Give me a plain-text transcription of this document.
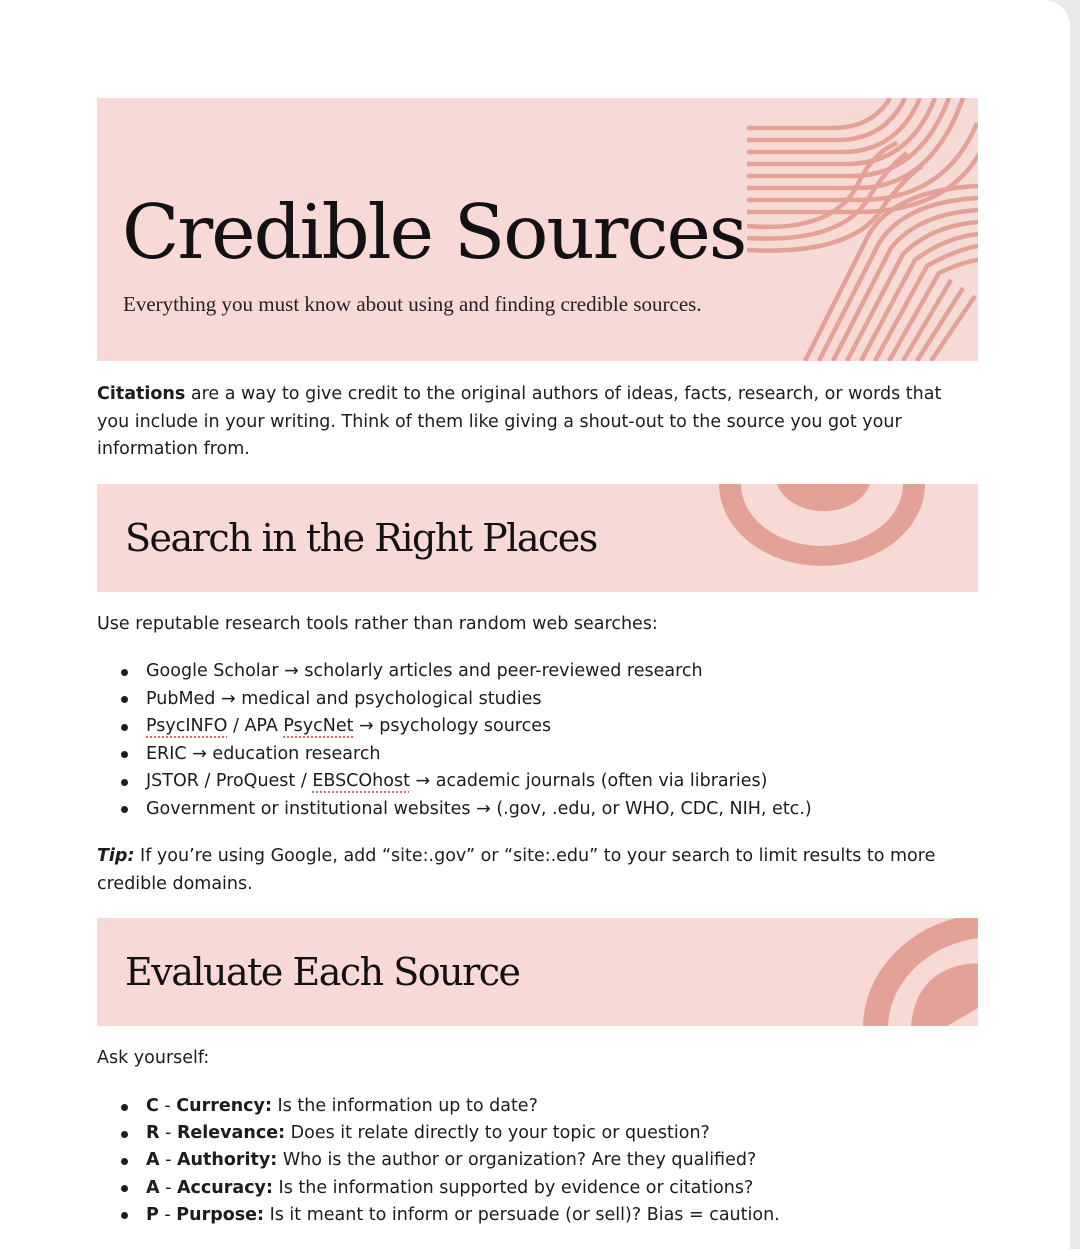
Credible Sources

Everything you must know about using and finding credible sources.

Citations are a way to give credit to the original authors of ideas, facts, research, or words that you include in your writing. Think of them like giving a shout-out to the source you got your information from.

Search in the Right Places

Use reputable research tools rather than random web searches:

Google Scholar → scholarly articles and peer-reviewed research
PubMed → medical and psychological studies
PsycINFO / APA PsycNet → psychology sources
ERIC → education research
JSTOR / ProQuest / EBSCOhost → academic journals (often via libraries)
Government or institutional websites → (.gov, .edu, or WHO, CDC, NIH, etc.)

Tip: If you’re using Google, add “site:.gov” or “site:.edu” to your search to limit results to more credible domains.

Evaluate Each Source

Ask yourself:

C - Currency: Is the information up to date?
R - Relevance: Does it relate directly to your topic or question?
A - Authority: Who is the author or organization? Are they qualified?
A - Accuracy: Is the information supported by evidence or citations?
P - Purpose: Is it meant to inform or persuade (or sell)? Bias = caution.
